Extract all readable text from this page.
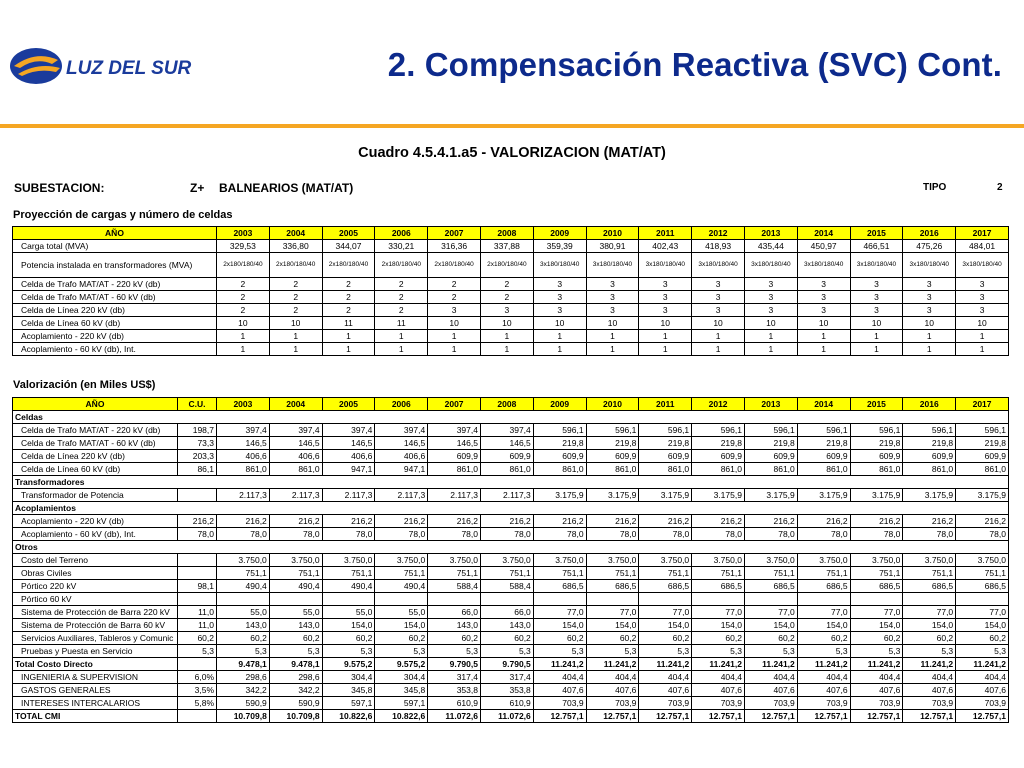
LUZ DEL SUR	2. Compensación Reactiva (SVC) Cont.
Cuadro 4.5.4.1.a5 - VALORIZACION (MAT/AT)
SUBESTACION:	Z+ BALNEARIOS (MAT/AT)	TIPO	2
Proyección de cargas y número de celdas
AÑO	2003	2004	2005	2006	2007	2008	2009	2010	2011	2012	2013	2014	2015	2016	2017
Carga total (MVA)	329,53	336,80	344,07	330,21	316,36	337,88	359,39	380,91	402,43	418,93	435,44	450,97	466,51	475,26	484,01
Potencia instalada en transformadores (MVA)	2x180/180/40	2x180/180/40	2x180/180/40	2x180/180/40	2x180/180/40	2x180/180/40	3x180/180/40	3x180/180/40	3x180/180/40	3x180/180/40	3x180/180/40	3x180/180/40	3x180/180/40	3x180/180/40	3x180/180/40
Celda de Trafo MAT/AT - 220 kV (db)	2	2	2	2	2	2	3	3	3	3	3	3	3	3	3
Celda de Trafo MAT/AT - 60 kV (db)	2	2	2	2	2	2	3	3	3	3	3	3	3	3	3
Celda de Línea 220 kV (db)	2	2	2	2	3	3	3	3	3	3	3	3	3	3	3
Celda de Línea 60 kV (db)	10	10	11	11	10	10	10	10	10	10	10	10	10	10	10
Acoplamiento - 220 kV (db)	1	1	1	1	1	1	1	1	1	1	1	1	1	1	1
Acoplamiento - 60 kV (db), Int.	1	1	1	1	1	1	1	1	1	1	1	1	1	1	1
Valorización (en Miles US$)
AÑO	C.U.	2003	2004	2005	2006	2007	2008	2009	2010	2011	2012	2013	2014	2015	2016	2017
Celdas																
Celda de Trafo MAT/AT - 220 kV (db)	198,7	397,4	397,4	397,4	397,4	397,4	397,4	596,1	596,1	596,1	596,1	596,1	596,1	596,1	596,1	596,1
Celda de Trafo MAT/AT - 60 kV (db)	73,3	146,5	146,5	146,5	146,5	146,5	146,5	219,8	219,8	219,8	219,8	219,8	219,8	219,8	219,8	219,8
Celda de Línea 220 kV (db)	203,3	406,6	406,6	406,6	406,6	609,9	609,9	609,9	609,9	609,9	609,9	609,9	609,9	609,9	609,9	609,9
Celda de Línea 60 kV (db)	86,1	861,0	861,0	947,1	947,1	861,0	861,0	861,0	861,0	861,0	861,0	861,0	861,0	861,0	861,0	861,0
Transformadores																
Transformador de Potencia		2.117,3	2.117,3	2.117,3	2.117,3	2.117,3	2.117,3	3.175,9	3.175,9	3.175,9	3.175,9	3.175,9	3.175,9	3.175,9	3.175,9	3.175,9
Acoplamientos																
Acoplamiento - 220 kV (db)	216,2	216,2	216,2	216,2	216,2	216,2	216,2	216,2	216,2	216,2	216,2	216,2	216,2	216,2	216,2	216,2
Acoplamiento - 60 kV (db), Int.	78,0	78,0	78,0	78,0	78,0	78,0	78,0	78,0	78,0	78,0	78,0	78,0	78,0	78,0	78,0	78,0
Otros																
Costo del Terreno		3.750,0	3.750,0	3.750,0	3.750,0	3.750,0	3.750,0	3.750,0	3.750,0	3.750,0	3.750,0	3.750,0	3.750,0	3.750,0	3.750,0	3.750,0
Obras Civiles		751,1	751,1	751,1	751,1	751,1	751,1	751,1	751,1	751,1	751,1	751,1	751,1	751,1	751,1	751,1
Pórtico 220 kV	98,1	490,4	490,4	490,4	490,4	588,4	588,4	686,5	686,5	686,5	686,5	686,5	686,5	686,5	686,5	686,5
Pórtico 60 kV																
Sistema de Protección de Barra 220 kV	11,0	55,0	55,0	55,0	55,0	66,0	66,0	77,0	77,0	77,0	77,0	77,0	77,0	77,0	77,0	77,0
Sistema de Protección de Barra 60 kV	11,0	143,0	143,0	154,0	154,0	143,0	143,0	154,0	154,0	154,0	154,0	154,0	154,0	154,0	154,0	154,0
Servicios Auxiliares, Tableros y Comunic	60,2	60,2	60,2	60,2	60,2	60,2	60,2	60,2	60,2	60,2	60,2	60,2	60,2	60,2	60,2	60,2
Pruebas y Puesta en Servicio	5,3	5,3	5,3	5,3	5,3	5,3	5,3	5,3	5,3	5,3	5,3	5,3	5,3	5,3	5,3	5,3
Total Costo Directo		9.478,1	9.478,1	9.575,2	9.575,2	9.790,5	9.790,5	11.241,2	11.241,2	11.241,2	11.241,2	11.241,2	11.241,2	11.241,2	11.241,2	11.241,2
INGENIERIA & SUPERVISION	6,0%	298,6	298,6	304,4	304,4	317,4	317,4	404,4	404,4	404,4	404,4	404,4	404,4	404,4	404,4	404,4
GASTOS GENERALES	3,5%	342,2	342,2	345,8	345,8	353,8	353,8	407,6	407,6	407,6	407,6	407,6	407,6	407,6	407,6	407,6
INTERESES INTERCALARIOS	5,8%	590,9	590,9	597,1	597,1	610,9	610,9	703,9	703,9	703,9	703,9	703,9	703,9	703,9	703,9	703,9
TOTAL CMI		10.709,8	10.709,8	10.822,6	10.822,6	11.072,6	11.072,6	12.757,1	12.757,1	12.757,1	12.757,1	12.757,1	12.757,1	12.757,1	12.757,1	12.757,1
